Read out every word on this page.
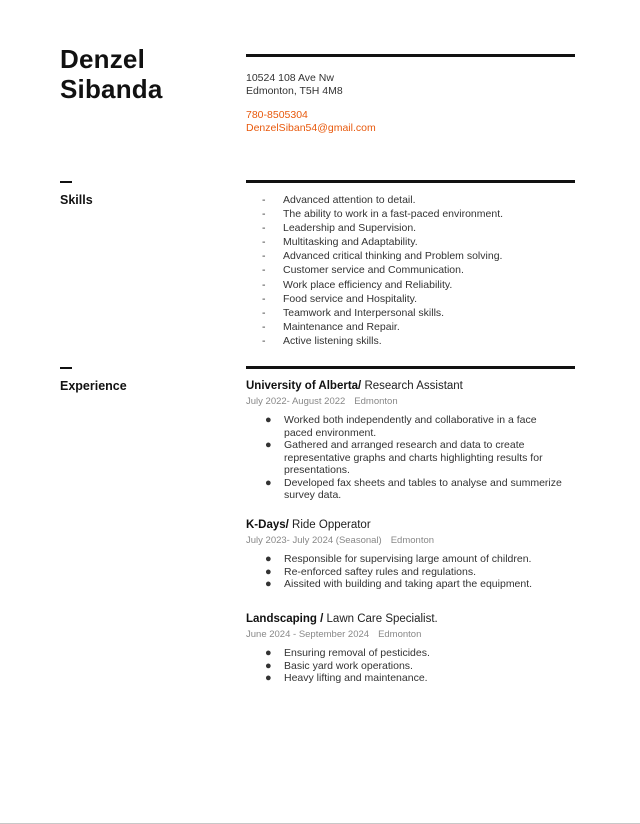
Denzel
Sibanda	10524 108 Ave Nw
Edmonton, T5H 4M8
780-8505304
DenzelSiban54@gmail.com
Skills	- Advanced attention to detail.
- The ability to work in a fast-paced environment.
- Leadership and Supervision.
- Multitasking and Adaptability.
- Advanced critical thinking and Problem solving.
- Customer service and Communication.
- Work place efficiency and Reliability.
- Food service and Hospitality.
- Teamwork and Interpersonal skills.
- Maintenance and Repair.
- Active listening skills.
Experience	University of Alberta/ Research Assistant
July 2022- August 2022 Edmonton
● Worked both independently and collaborative in a face paced environment.
● Gathered and arranged research and data to create representative graphs and charts highlighting results for presentations.
● Developed fax sheets and tables to analyse and summerize survey data.
K-Days/ Ride Opperator
July 2023- July 2024 (Seasonal) Edmonton
● Responsible for supervising large amount of children.
● Re-enforced saftey rules and regulations.
● Aissited with building and taking apart the equipment.
Landscaping / Lawn Care Specialist.
June 2024 - September 2024 Edmonton
● Ensuring removal of pesticides.
● Basic yard work operations.
● Heavy lifting and maintenance.
